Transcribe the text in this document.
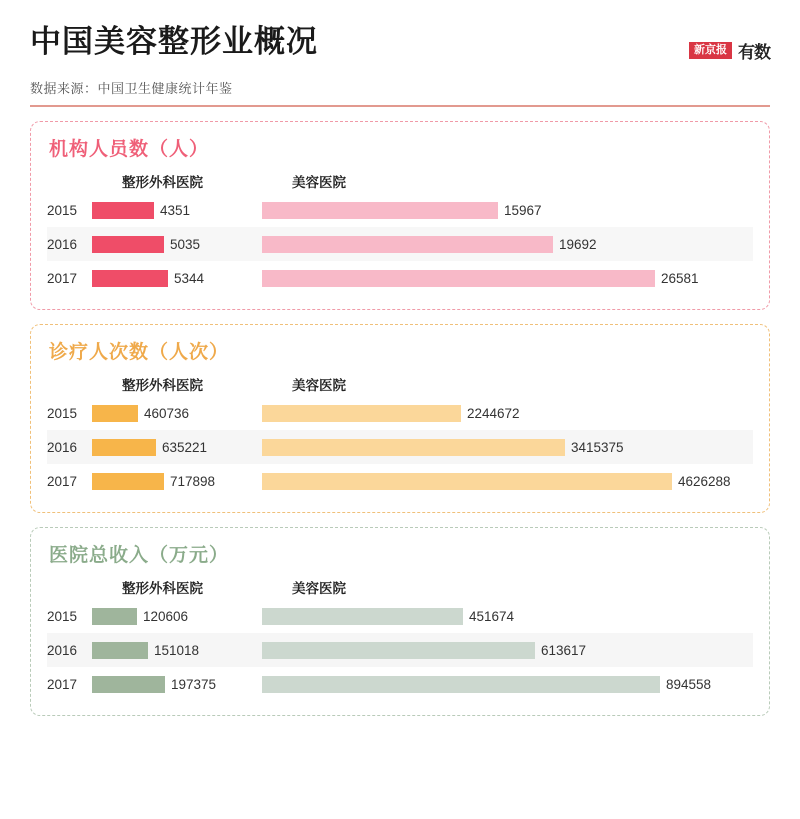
中国美容整形业概况
数据来源：中国卫生健康统计年鉴
新京报 有数
机构人员数（人）
整形外科医院	美容医院
2015	4351	15967
2016	5035	19692
2017	5344	26581
诊疗人次数（人次）
整形外科医院	美容医院
2015	460736	2244672
2016	635221	3415375
2017	717898	4626288
医院总收入（万元）
整形外科医院	美容医院
2015	120606	451674
2016	151018	613617
2017	197375	894558
